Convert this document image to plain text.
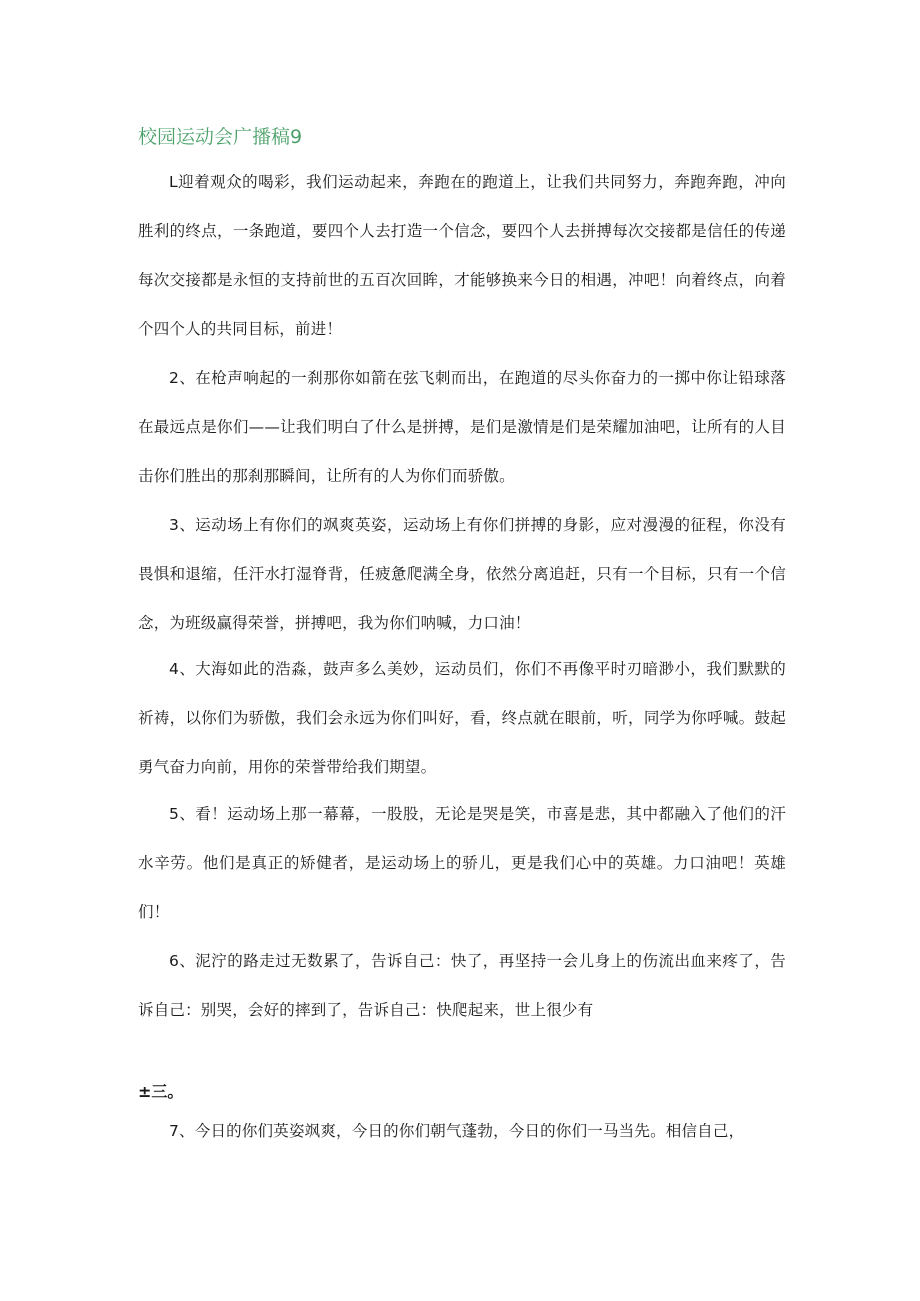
校园运动会广播稿9

L迎着观众的喝彩，我们运动起来，奔跑在的跑道上，让我们共同努力，奔跑奔跑，冲向胜利的终点，一条跑道，要四个人去打造一个信念，要四个人去拼搏每次交接都是信任的传递每次交接都是永恒的支持前世的五百次回眸，才能够换来今日的相遇，冲吧！向着终点，向着个四个人的共同目标，前进！

2、在枪声响起的一刹那你如箭在弦飞刺而出，在跑道的尽头你奋力的一掷中你让铅球落在最远点是你们——让我们明白了什么是拼搏，是们是激情是们是荣耀加油吧，让所有的人目击你们胜出的那刹那瞬间，让所有的人为你们而骄傲。

3、运动场上有你们的飒爽英姿，运动场上有你们拼搏的身影，应对漫漫的征程，你没有畏惧和退缩，任汗水打湿脊背，任疲惫爬满全身，依然分离追赶，只有一个目标，只有一个信念，为班级赢得荣誉，拼搏吧，我为你们呐喊，力口油！

4、大海如此的浩淼，鼓声多么美妙，运动员们，你们不再像平时刃暗渺小，我们默默的祈祷，以你们为骄傲，我们会永远为你们叫好，看，终点就在眼前，听，同学为你呼喊。鼓起勇气奋力向前，用你的荣誉带给我们期望。

5、看！运动场上那一幕幕，一股股，无论是哭是笑，市喜是悲，其中都融入了他们的汗水辛劳。他们是真正的矫健者，是运动场上的骄儿，更是我们心中的英雄。力口油吧！英雄们！

6、泥泞的路走过无数累了，告诉自己：快了，再坚持一会儿身上的伤流出血来疼了，告诉自己：别哭，会好的摔到了，告诉自己：快爬起来，世上很少有

±三。

7、今日的你们英姿飒爽，今日的你们朝气蓬勃，今日的你们一马当先。相信自己，
